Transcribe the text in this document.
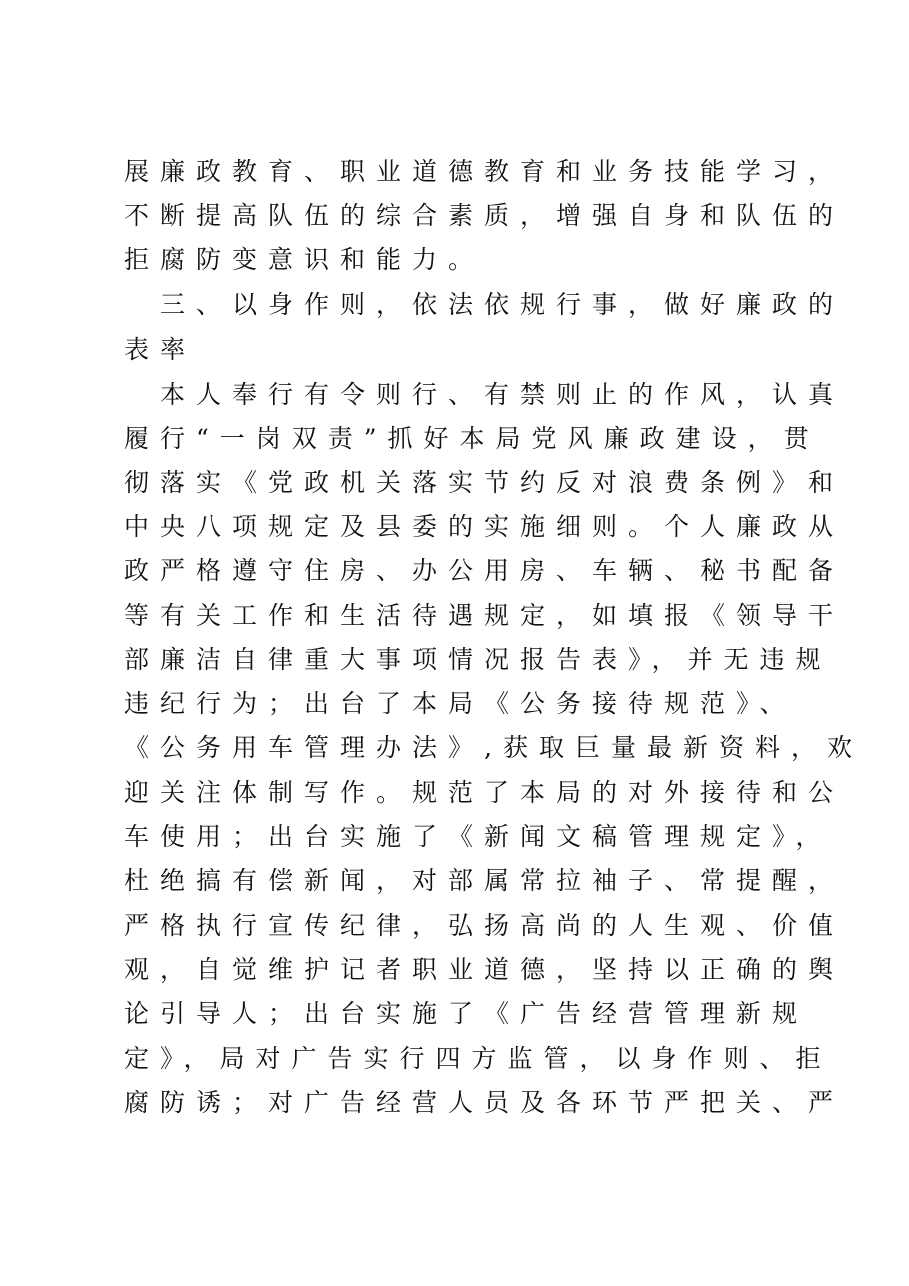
展廉政教育、职业道德教育和业务技能学习，
不断提高队伍的综合素质，增强自身和队伍的
拒腐防变意识和能力。
　三、以身作则，依法依规行事，做好廉政的
表率
　本人奉行有令则行、有禁则止的作风，认真
履行“一岗双责”抓好本局党风廉政建设，贯
彻落实《党政机关落实节约反对浪费条例》和
中央八项规定及县委的实施细则。个人廉政从
政严格遵守住房、办公用房、车辆、秘书配备
等有关工作和生活待遇规定，如填报《领导干
部廉洁自律重大事项情况报告表》，并无违规
违纪行为；出台了本局《公务接待规范》、
《公务用车管理办法》,获取巨量最新资料，欢
迎关注体制写作。规范了本局的对外接待和公
车使用；出台实施了《新闻文稿管理规定》，
杜绝搞有偿新闻，对部属常拉袖子、常提醒，
严格执行宣传纪律，弘扬高尚的人生观、价值
观，自觉维护记者职业道德，坚持以正确的舆
论引导人；出台实施了《广告经营管理新规
定》，局对广告实行四方监管，以身作则、拒
腐防诱；对广告经营人员及各环节严把关、严
